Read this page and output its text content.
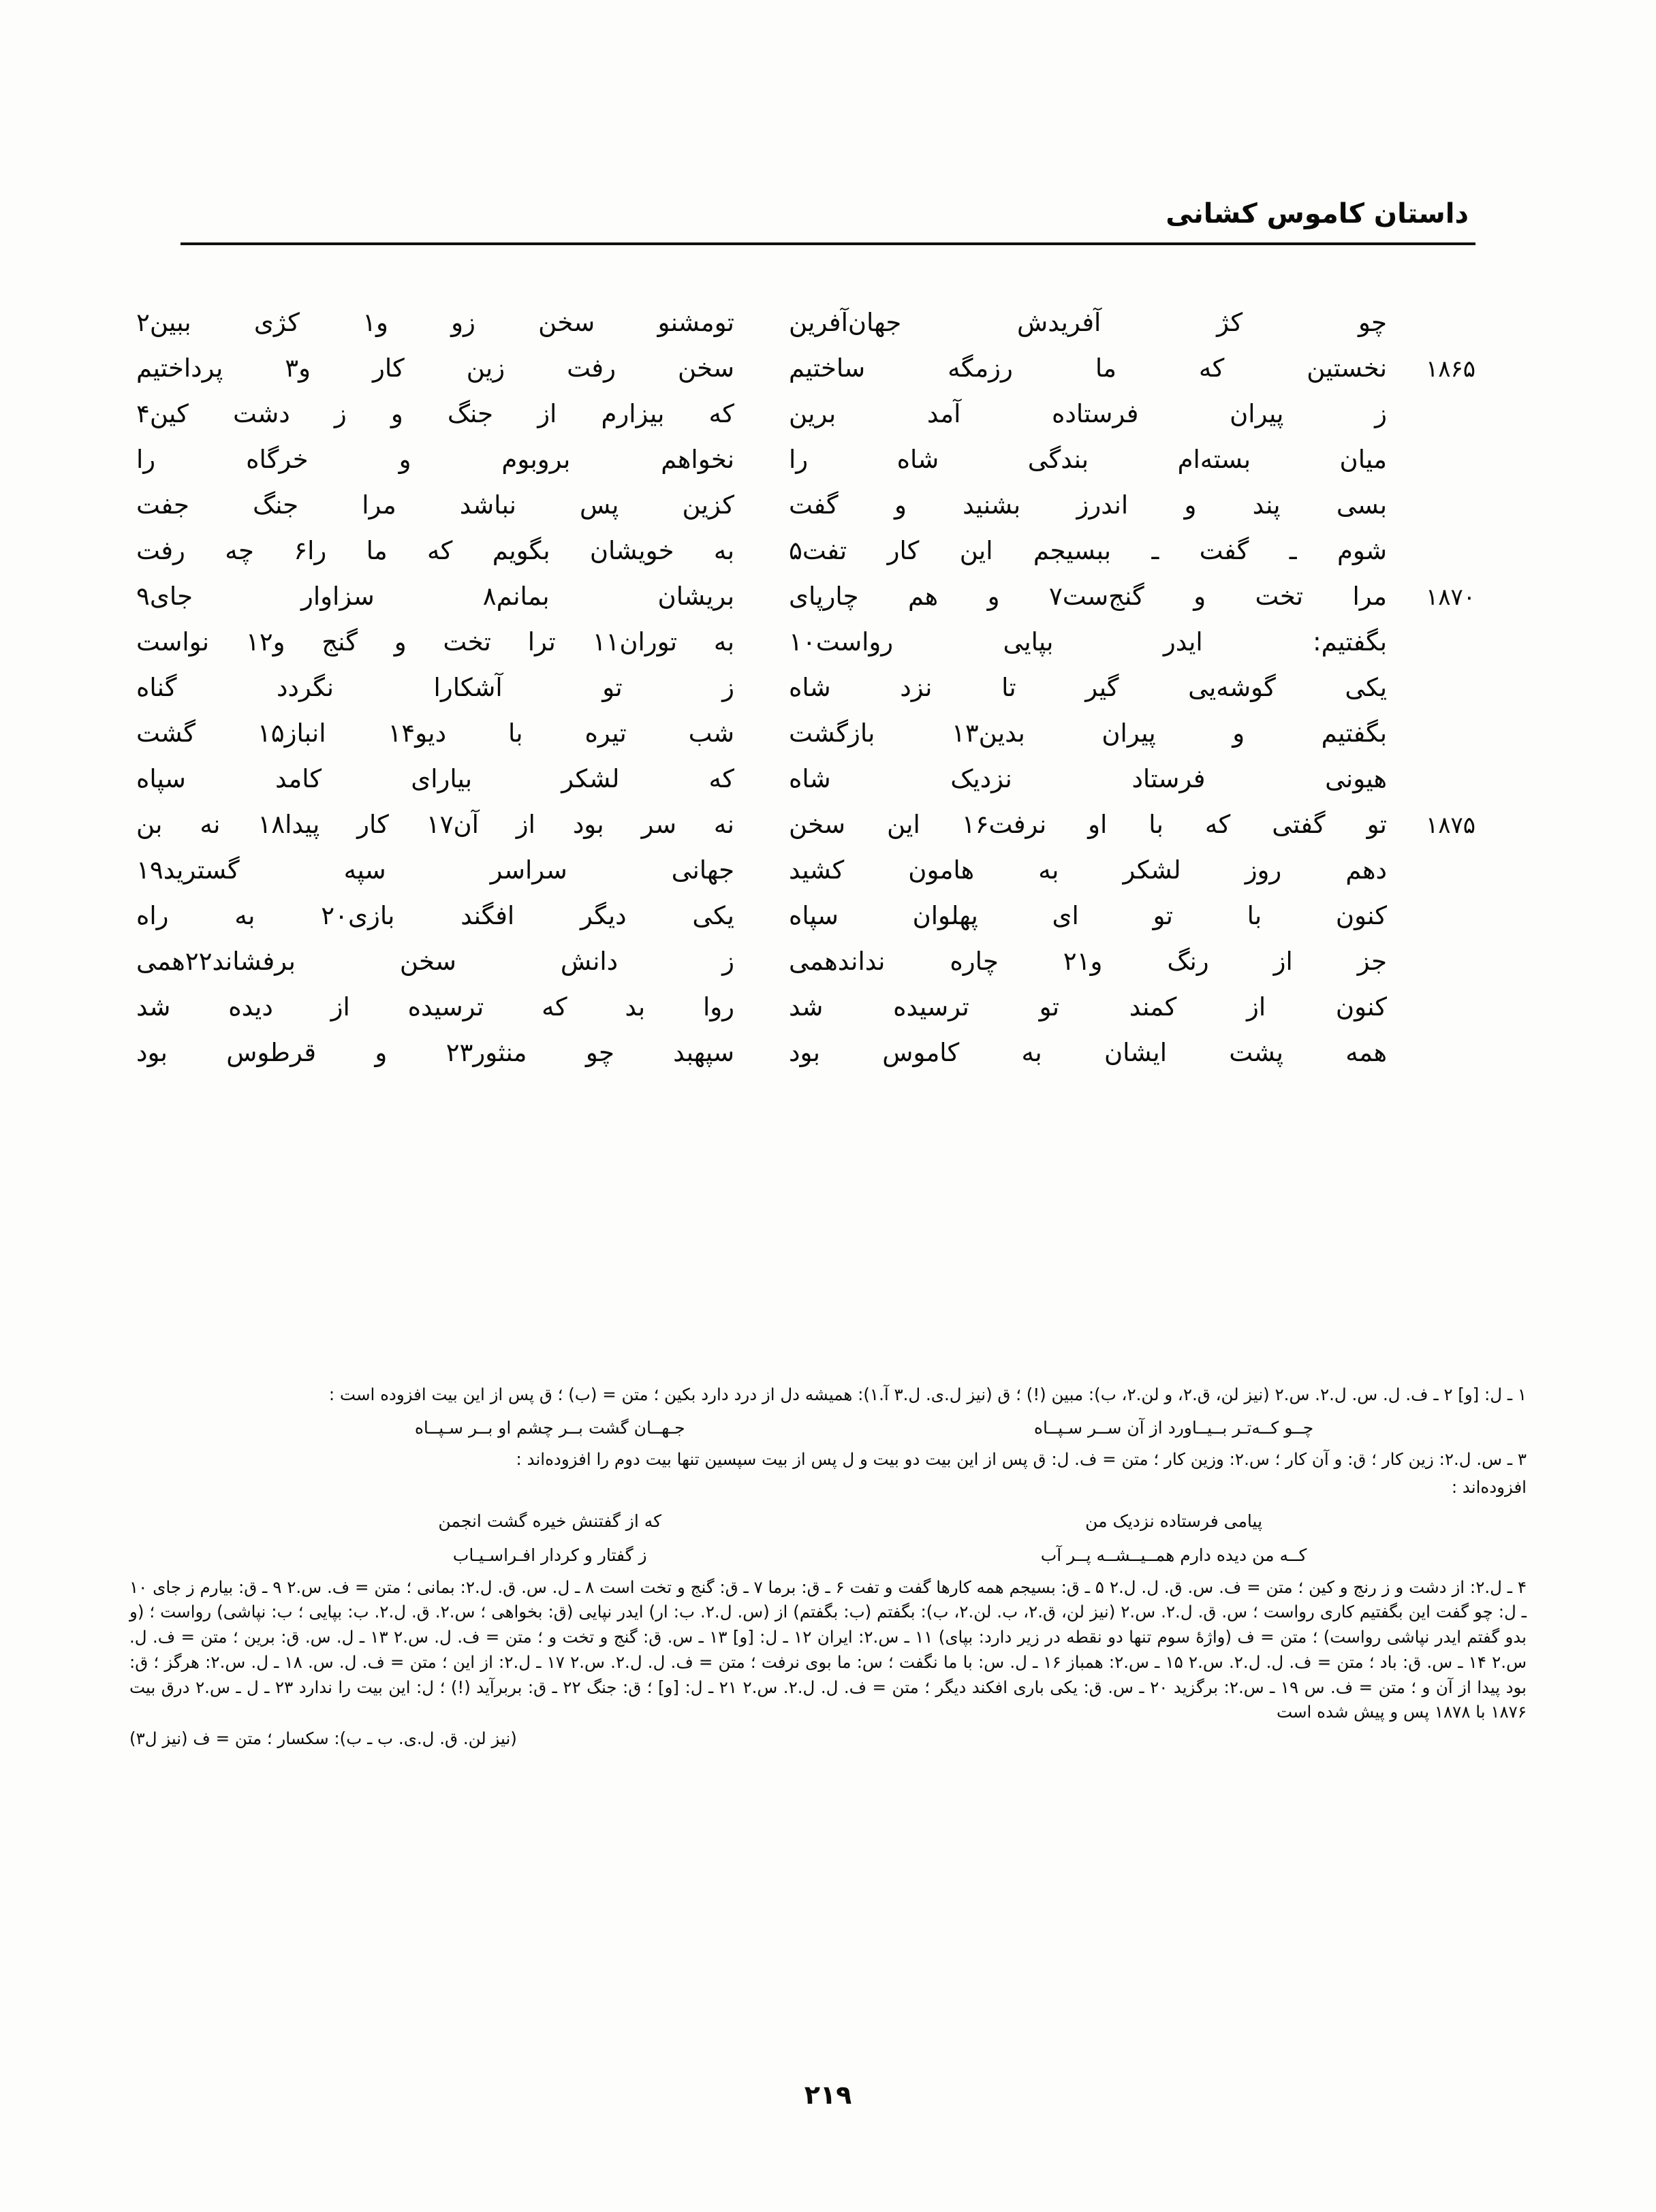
داستان کاموس کشانی
۱۸۶۵
۱۸۷۰
۱۸۷۵
چو کژ آفریدش جهان‌آفرین
نخستین که ما رزمگه ساختیم
ز پیران فرستاده آمد برین
میان بسته‌ام بندگی شاه را
بسی پند و اندرز بشنید و گفت
شوم ـ گفت ـ ببسیجم این کار تفت۵
مرا تخت و گنج‌ست۷ و هم چارپای
بگفتیم: ایدر بپایی رواست۱۰
یکی گوشه‌یی گیر تا نزد شاه
بگفتیم و پیران بدین۱۳ بازگشت
هیونی فرستاد نزدیک شاه
تو گفتی که با او نرفت۱۶ این سخن
دهم روز لشکر به هامون کشید
کنون با تو ای پهلوان سپاه
جز از رنگ و۲۱ چاره نداندهمی
کنون از کمند تو ترسیده شد
همه پشت ایشان به کاموس بود
تومشنو سخن زو و۱ کژی ببین۲
سخن رفت زین کار و۳ پرداختیم
که بیزارم از جنگ و ز دشت کین۴
نخواهم بروبوم و خرگاه را
کزین پس نباشد مرا جنگ جفت
به خویشان بگویم که ما را۶ چه رفت
بریشان بمانم۸ سزاوار جای۹
به توران۱۱ ترا تخت و گنج و۱۲ نواست
ز تو آشکارا نگردد گناه
شب تیره با دیو۱۴ انباز۱۵ گشت
که لشکر بیارای کامد سپاه
نه سر بود از آن۱۷ کار پیدا۱۸ نه بن
جهانی سراسر سپه گسترید۱۹
یکی دیگر افگند بازی۲۰ به راه
ز دانش سخن برفشاند۲۲همی
روا بد که ترسیده از دیده شد
سپهبد چو منثور۲۳ و قرطوس بود

۱ ـ ل: [و] ۲ ـ ف. ل. س. ل.۲. س.۲ (نیز لن، ق.۲، و لن.۲، ب): مبین (!) ؛ ق (نیز ل.ی. ل.۳ آ.۱): همیشه دل از درد دارد بکین ؛ متن = (ب) ؛ ق پس از این بیت افزوده است :

چــو کــه‌تـر بــیــاورد از آن ســر سـپــاه
جـهــان گشت بــر چشم او بــر سـپــاه

۳ ـ س. ل.۲: زین کار ؛ ق: و آن کار ؛ س.۲: وزین کار ؛ متن = ف. ل: ق پس از این بیت دو بیت و ل پس از بیت سپسین تنها بیت دوم را افزوده‌اند :

افزوده‌اند :

پیامی فرستاده نزدیک من
که از گفتنش خیره گشت انجمن
کــه من دیده دارم همــیــشــه پــر آب
ز گفتار و کردار افـراسـیـاب

۴ ـ ل.۲: از دشت و ز رنج و کین ؛ متن = ف. س. ق. ل. ل.۲ ۵ ـ ق: بسیجم همه کارها گفت و تفت ۶ ـ ق: برما ۷ ـ ق: گنج و تخت است ۸ ـ ل. س. ق. ل.۲: بمانی ؛ متن = ف. س.۲ ۹ ـ ق: بیارم ز جای ۱۰ ـ ل: چو گفت این بگفتیم کاری رواست ؛ س. ق. ل.۲. س.۲ (نیز لن، ق.۲، ب. لن.۲، ب): بگفتم (ب: بگفتم) از (س. ل.۲. ب: ار) ایدر نپایی (ق: بخواهی ؛ س.۲. ق. ل.۲. ب: بپایی ؛ ب: نپاشی) رواست ؛ (و بدو گفتم ایدر نپاشی رواست) ؛ متن = ف (واژهٔ سوم تنها دو نقطه در زیر دارد: بپای) ۱۱ ـ س.۲: ایران ۱۲ ـ ل: [و] ۱۳ ـ س. ق: گنج و تخت و ؛ متن = ف. ل. س.۲ ۱۳ ـ ل. س. ق: برین ؛ متن = ف. ل. س.۲ ۱۴ ـ س. ق: باد ؛ متن = ف. ل. ل.۲. س.۲ ۱۵ ـ س.۲: همباز ۱۶ ـ ل. س: با ما نگفت ؛ س: ما بوی نرفت ؛ متن = ف. ل. ل.۲. س.۲ ۱۷ ـ ل.۲: از این ؛ متن = ف. ل. س. ۱۸ ـ ل. س.۲: هرگز ؛ ق: بود پیدا از آن و ؛ متن = ف. س ۱۹ ـ س.۲: برگزید ۲۰ ـ س. ق: یکی باری افکند دیگر ؛ متن = ف. ل. ل.۲. س.۲ ۲۱ ـ ل: [و] ؛ ق: جنگ ۲۲ ـ ق: بربرآید (!) ؛ ل: این بیت را ندارد ۲۳ ـ ل ـ س.۲ درق بیت ۱۸۷۶ با ۱۸۷۸ پس و پیش شده است

(نیز لن. ق. ل.ی. ب ـ ب): سکسار ؛ متن = ف (نیز ل۳)

۲۱۹
